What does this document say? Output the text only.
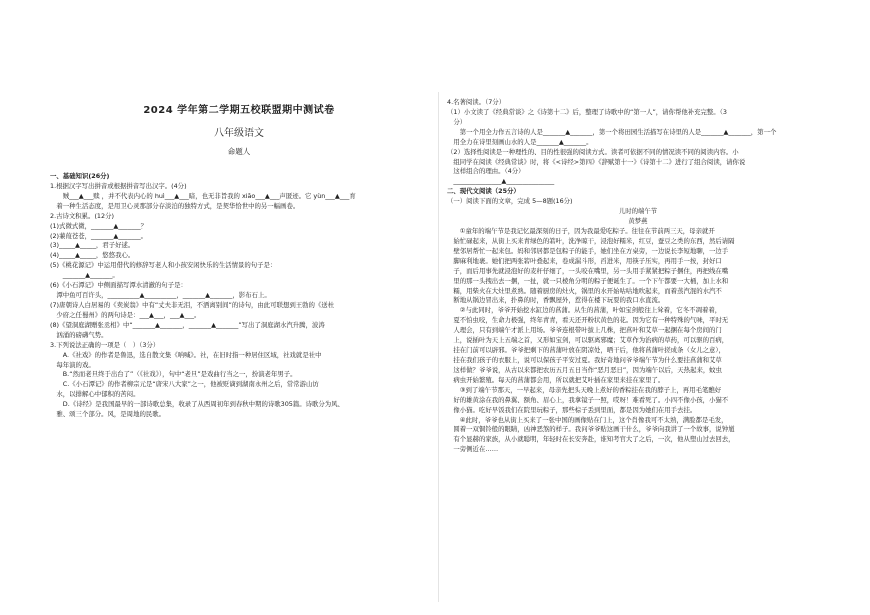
2024 学年第二学期五校联盟期中测试卷
八年级语文
命题人
一、基础知识(26分)
1.根据汉字写出拼音或根据拼音写出汉字。(4分)
　　贼___▲___赎 ，并不代表内心的 huì___▲___暗，也无非旨我的 xiāo___▲___声匿迹。它 yùn___▲___育
　着一种生活态度，是用卫心灵那部分存淡泊的独特方式，是契华恰世中的另一幅画卷。
2.古诗文积累。(12分)
(1)式微式微，_______▲_______？
(2)蒹葭苍苍，_______▲_______。
(3)_____▲_____，君子好逑。
(4)_____▲_____，悠悠我心。
(5)《桃花源记》中运用借代的修辞写老人和小孩安闲快乐的生活情景的句子是：
　　_______▲_______。
(6)《小石潭记》中侧面描写潭水清澈的句子是：
　潭中鱼可百许头，__________▲__________，_______▲_______，影布石上。
(7)唐朝诗人白居易的《卖炭翁》中有“丈夫非无泪，不洒离别间”的诗句，由此可联想到王勃的《送杜
　少府之任蜀州》的两句诗是：___▲___，___▲___。
(8)《望洞庭湖赠张丞相》中“_______▲_______，_______▲_______”写出了洞庭湖水汽升腾，波涛
　汹涌的磅礴气势。
3.下列说法正确的一项是（　）（3分）
　　A.《社戏》的作者是鲁迅，选自散文集《呐喊》。社，在旧时指一种居住区域，社戏就是社中
　每年演的戏。
　　B.“然而老旦终于出台了”（《社戏》），句中“老旦”是戏曲行当之一，扮演老年男子。
　　C.《小石潭记》的作者柳宗元是“唐宋八大家”之一，他被贬谪到湖南永州之后，常常游山访
　水，以排解心中郁积的苦闷。
　　D.《诗经》是我国最早的一部诗歌总集，收录了从西周初年到春秋中期的诗歌305篇。诗歌分为风、
　雅、颂三个部分。风，是周地的民歌。
4.名著阅读。（7分）
（1）小文读了《经典常谈》之《诗第十二》后，整理了诗歌中的“第一人”，请你帮他补充完整。（3
　分）
　　第一个用全力作五言诗的人是_______▲_______，第一个将田园生活描写在诗里的人是_______▲_______，第一个
　用全力在诗里刻画山水的人是_______▲_______。
（2）选择性阅读是一种理性的、目的性很强的阅读方式。读者可依据不同的情况读不同的阅读内容。小
　组同学在阅读《经典常谈》时，将《<诗经>第四》《辞赋第十一》《诗第十二》进行了组合阅读，请你说
　这样组合的理由。（4分）
　_______________▲_______________
二、现代文阅读（25分）
（一）阅读下面的文章，完成 5—8题(16分)
儿时的端午节
黄梦燕
　　①童年的端午节是我记忆最深刻的日子，因为我最爱吃粽子。往往在节前两三天，母亲就开
　始忙碌起来，从街上买来青绿色的箬叶，洗净晾干，浸泡好糯米，红豆，蚕豆之类的东西，然后请隔
　壁邻居帮忙一起来包。妈和邻居都是包粽子的能手，她们坐在方桌旁，一边说长李短地聊，一边手
　脚麻利地裹。她们把两张箬叶叠起来，卷成漏斗形，舀进米，用筷子压实，再用手一按，封好口
　子，而后用事先就浸泡好的麦秆仔细了，一头咬在嘴里，另一头用手紧紧把粽子捆住，再把线在嘴
　里的那一头拽出去一捆，一扯，就一只棱角分明的粽子便诞生了。一个下午都要一大桶，加上水和
　糯，用柴火在大灶里煮熟。随着厨房的灶火，锅里的水开始咕咕地吹起来，而着蒸汽混的水汽不
　断地从锅边冒出来，扑鼻的时，香飘屋外，惹得在楼下玩耍的我口水直流。
　　②与此同时，爷爷开始挖水缸边的菖蒲。从生的菖蒲，叶如宝剑般往上耸着，它冬不凋着着，
　夏不怕虫咬，生命力极强，终年青青，看天还开粉状黄色的花。因为它有一种特殊的气味，平时无
　人理会，只有到端午才派上用场。爷爷连根带叶拔上几株，把菖叶和艾草一起捆在每个房间的门
　上，说插叶为天上五端之首，又形如宝剑，可以驱离邪魔；艾草作为治病的草药，可以驱的百病，
　挂在门前可以辟邪。爷爷把剩下的菖蒲叶放在阴凉处，晒干后，他将菖蒲叶搓成条（女儿之意），
　挂在我们孩子的衣服上，说可以保孩子平安过夏。我好奇地问爷爷端午节为什么要挂菖蒲和艾草
　这样做？爷爷说，从古以来都把农历五月五日当作“恶月恶日”，因为端午以后，天热起来，蚊虫
　病虫开始繁殖。每天的菖蒲都会用，所以就把艾叶插在家里来挂在家里了。
　　③到了端午节那天，一早起来，母亲先把头天晚上煮好的香粽挂在我的脖子上，再用毛笔醮好
　好的雄黄涂在我的鼻翼、额角、眉心上，我拿镜子一照，哎呀！难看死了。小四不像小孩，小猫不
　像小猫。吃好早饭我们在院里玩粽子，那些棕子丢到里面，都是因为她们在用手去挂。
　　④此时，爷爷也从街上买来了一张中国的画像贴在门上，这个肖像我可不太熟，满脸都是毛发，
　圆着一双铜铃般的眼睛，凶神恶煞的样子。我问爷爷贴这画干什么，爷爷向我讲了一个故事，说钟馗
　有个显赫的家族，从小就聪明，年轻时在长安奔赴，谁知考官大了之后，一次，他从塑山过去回去，
　一旁侧近在……
